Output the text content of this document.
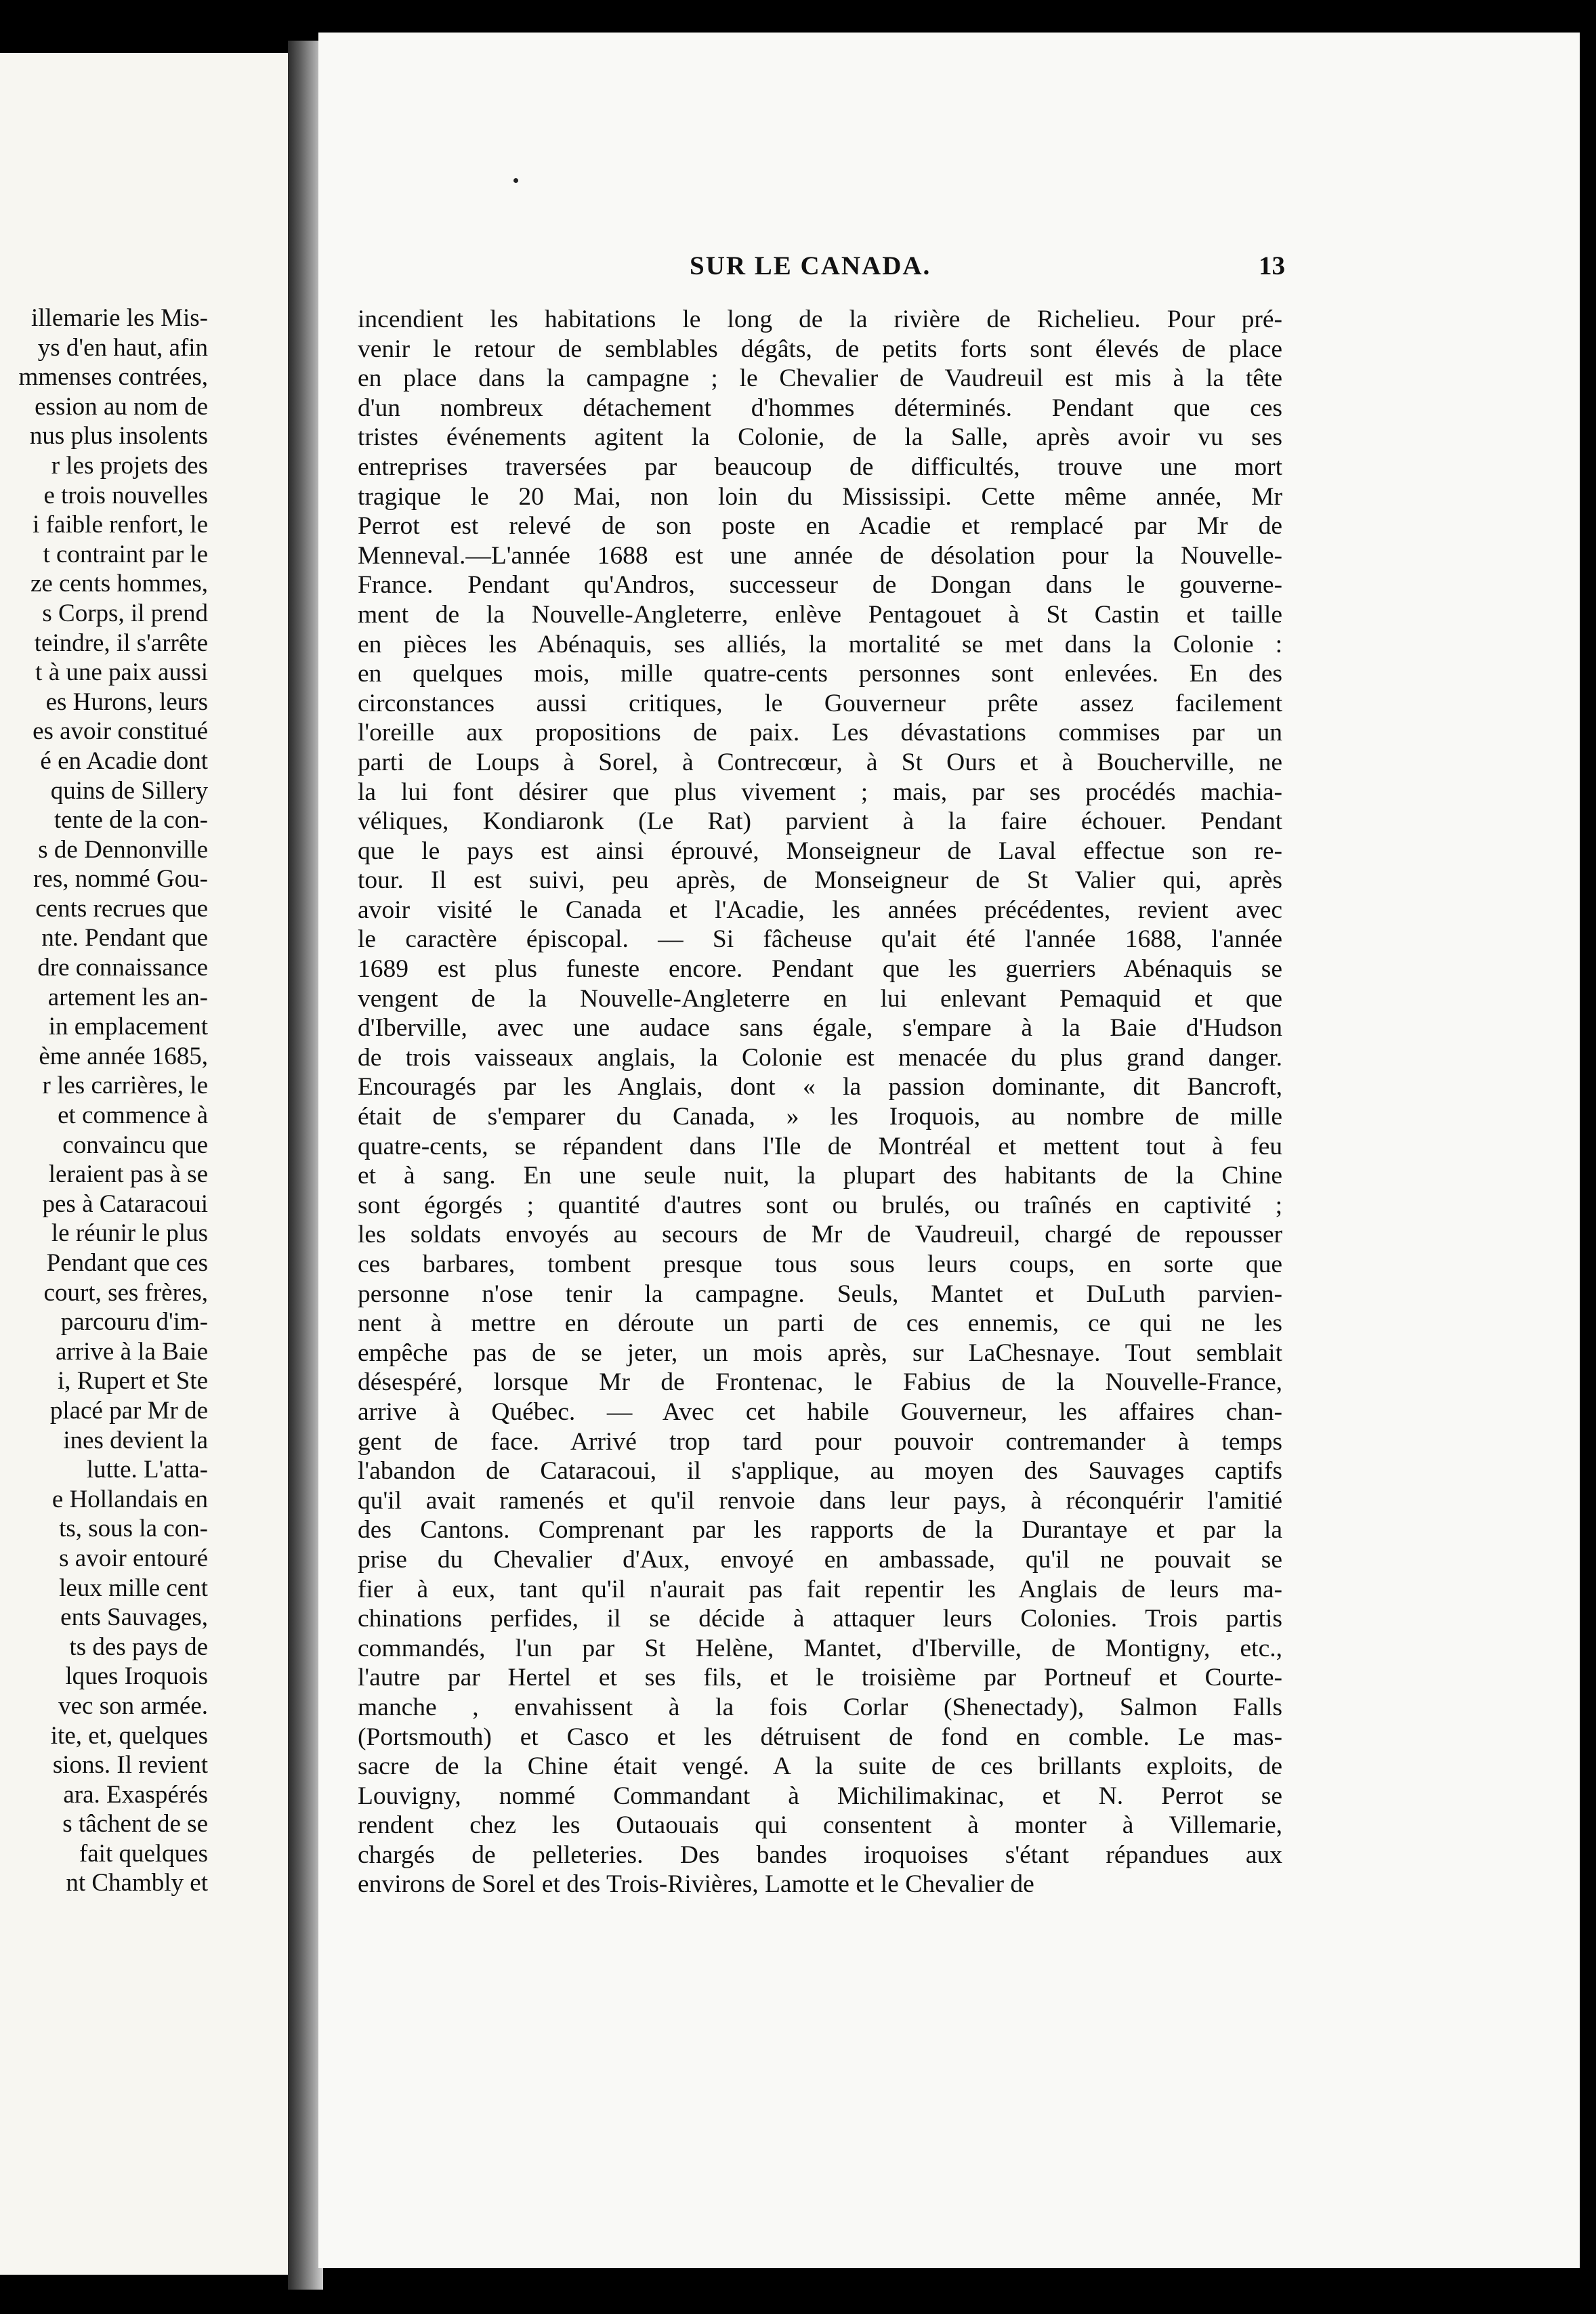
illemarie les Mis-
ys d'en haut, afin
mmenses contrées,
ession au nom de
nus plus insolents
r les projets des
e trois nouvelles
i faible renfort, le
t contraint par le
ze cents hommes,
s Corps, il prend
teindre, il s'arrête
t à une paix aussi
es Hurons, leurs
es avoir constitué
é en Acadie dont
quins de Sillery
tente de la con-
s de Dennonville
res, nommé Gou-
cents recrues que
nte. Pendant que
dre connaissance
artement les an-
in emplacement
ème année 1685,
r les carrières, le
et commence à
convaincu que
leraient pas à se
pes à Cataracoui
le réunir le plus
Pendant que ces
court, ses frères,
parcouru d'im-
arrive à la Baie
i, Rupert et Ste
placé par Mr de
ines devient la
lutte. L'atta-
e Hollandais en
ts, sous la con-
s avoir entouré
leux mille cent
ents Sauvages,
ts des pays de
lques Iroquois
vec son armée.
ite, et, quelques
sions. Il revient
ara. Exaspérés
s tâchent de se
fait quelques
nt Chambly et
SUR LE CANADA.	13
incendient les habitations le long de la rivière de Richelieu. Pour pré-
venir le retour de semblables dégâts, de petits forts sont élevés de place
en place dans la campagne ; le Chevalier de Vaudreuil est mis à la tête
d'un nombreux détachement d'hommes déterminés. Pendant que ces
tristes événements agitent la Colonie, de la Salle, après avoir vu ses
entreprises traversées par beaucoup de difficultés, trouve une mort
tragique le 20 Mai, non loin du Mississipi. Cette même année, Mr
Perrot est relevé de son poste en Acadie et remplacé par Mr de
Menneval.—L'année 1688 est une année de désolation pour la Nouvelle-
France. Pendant qu'Andros, successeur de Dongan dans le gouverne-
ment de la Nouvelle-Angleterre, enlève Pentagouet à St Castin et taille
en pièces les Abénaquis, ses alliés, la mortalité se met dans la Colonie :
en quelques mois, mille quatre-cents personnes sont enlevées. En des
circonstances aussi critiques, le Gouverneur prête assez facilement
l'oreille aux propositions de paix. Les dévastations commises par un
parti de Loups à Sorel, à Contrecœur, à St Ours et à Boucherville, ne
la lui font désirer que plus vivement ; mais, par ses procédés machia-
véliques, Kondiaronk (Le Rat) parvient à la faire échouer. Pendant
que le pays est ainsi éprouvé, Monseigneur de Laval effectue son re-
tour. Il est suivi, peu après, de Monseigneur de St Valier qui, après
avoir visité le Canada et l'Acadie, les années précédentes, revient avec
le caractère épiscopal. — Si fâcheuse qu'ait été l'année 1688, l'année
1689 est plus funeste encore. Pendant que les guerriers Abénaquis se
vengent de la Nouvelle-Angleterre en lui enlevant Pemaquid et que
d'Iberville, avec une audace sans égale, s'empare à la Baie d'Hudson
de trois vaisseaux anglais, la Colonie est menacée du plus grand danger.
Encouragés par les Anglais, dont « la passion dominante, dit Bancroft,
était de s'emparer du Canada, » les Iroquois, au nombre de mille
quatre-cents, se répandent dans l'Ile de Montréal et mettent tout à feu
et à sang. En une seule nuit, la plupart des habitants de la Chine
sont égorgés ; quantité d'autres sont ou brulés, ou traînés en captivité ;
les soldats envoyés au secours de Mr de Vaudreuil, chargé de repousser
ces barbares, tombent presque tous sous leurs coups, en sorte que
personne n'ose tenir la campagne. Seuls, Mantet et DuLuth parvien-
nent à mettre en déroute un parti de ces ennemis, ce qui ne les
empêche pas de se jeter, un mois après, sur LaChesnaye. Tout semblait
désespéré, lorsque Mr de Frontenac, le Fabius de la Nouvelle-France,
arrive à Québec. — Avec cet habile Gouverneur, les affaires chan-
gent de face. Arrivé trop tard pour pouvoir contremander à temps
l'abandon de Cataracoui, il s'applique, au moyen des Sauvages captifs
qu'il avait ramenés et qu'il renvoie dans leur pays, à réconquérir l'amitié
des Cantons. Comprenant par les rapports de la Durantaye et par la
prise du Chevalier d'Aux, envoyé en ambassade, qu'il ne pouvait se
fier à eux, tant qu'il n'aurait pas fait repentir les Anglais de leurs ma-
chinations perfides, il se décide à attaquer leurs Colonies. Trois partis
commandés, l'un par St Helène, Mantet, d'Iberville, de Montigny, etc.,
l'autre par Hertel et ses fils, et le troisième par Portneuf et Courte-
manche , envahissent à la fois Corlar (Shenectady), Salmon Falls
(Portsmouth) et Casco et les détruisent de fond en comble. Le mas-
sacre de la Chine était vengé. A la suite de ces brillants exploits, de
Louvigny, nommé Commandant à Michilimakinac, et N. Perrot se
rendent chez les Outaouais qui consentent à monter à Villemarie,
chargés de pelleteries. Des bandes iroquoises s'étant répandues aux
environs de Sorel et des Trois-Rivières, Lamotte et le Chevalier de
